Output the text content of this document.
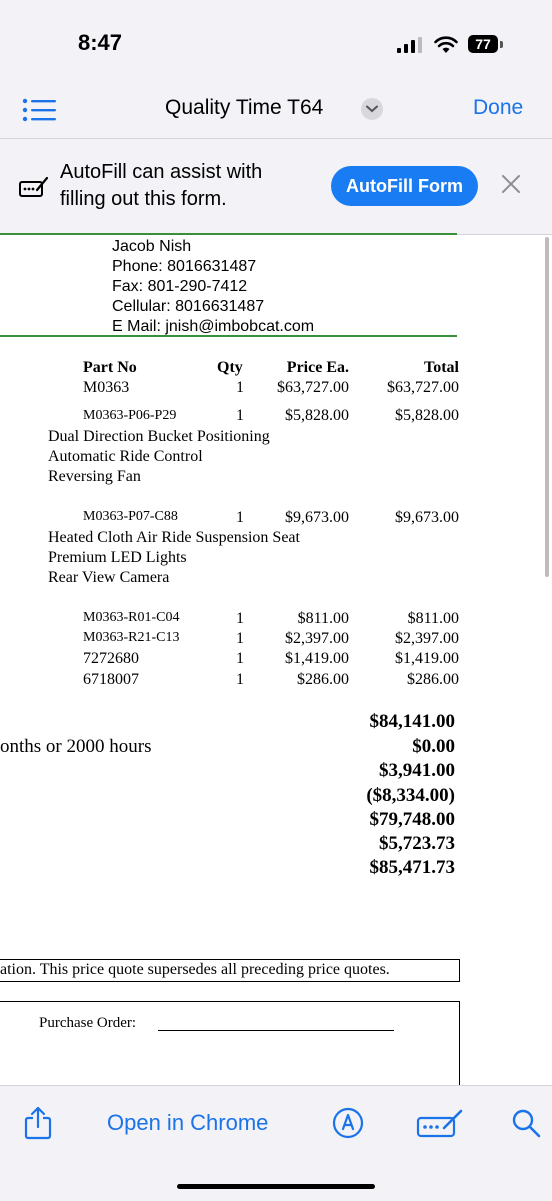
8:47	77
Quality Time T64	Done
AutoFill can assist with
filling out this form.
AutoFill Form
Jacob Nish
Phone: 8016631487
Fax: 801-290-7412
Cellular: 8016631487
E Mail: jnish@imbobcat.com
Part No	Qty	Price Ea.	Total
M0363	1	$63,727.00	$63,727.00
M0363-P06-P29	1	$5,828.00	$5,828.00
Dual Direction Bucket Positioning
Automatic Ride Control
Reversing Fan
M0363-P07-C88	1	$9,673.00	$9,673.00
Heated Cloth Air Ride Suspension Seat
Premium LED Lights
Rear View Camera
M0363-R01-C04	1	$811.00	$811.00
M0363-R21-C13	1	$2,397.00	$2,397.00
7272680	1	$1,419.00	$1,419.00
6718007	1	$286.00	$286.00
onths or 2000 hours
$84,141.00
$0.00
$3,941.00
($8,334.00)
$79,748.00
$5,723.73
$85,471.73
ation. This price quote supersedes all preceding price quotes.
Purchase Order:
Open in Chrome
